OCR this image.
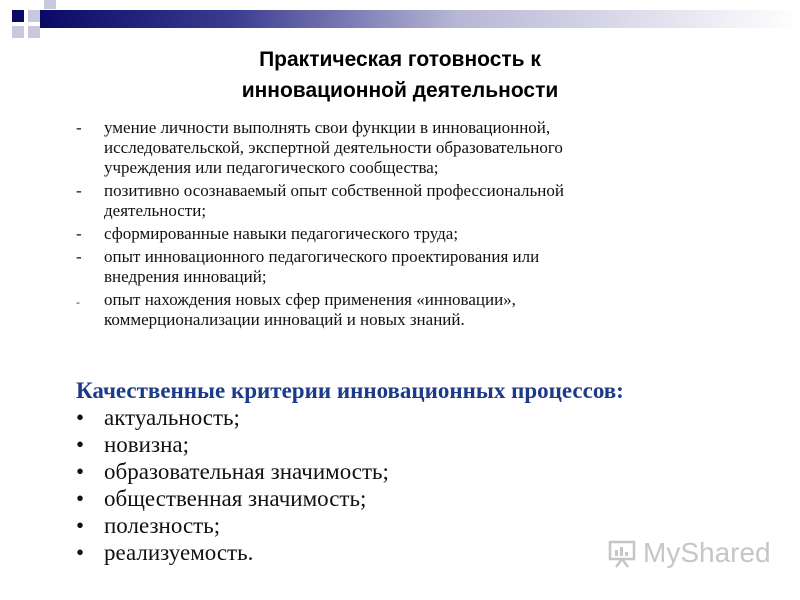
Практическая готовность к
инновационной деятельности
- умение личности выполнять свои функции в инновационной,
исследовательской, экспертной деятельности образовательного
учреждения или педагогического сообщества;
- позитивно осознаваемый опыт собственной профессиональной
деятельности;
- сформированные навыки педагогического труда;
- опыт инновационного педагогического проектирования или
внедрения инноваций;
- опыт нахождения новых сфер применения «инновации»,
коммерционализации инноваций и новых знаний.
Качественные критерии инновационных процессов:
• актуальность;
• новизна;
• образовательная значимость;
• общественная значимость;
• полезность;
• реализуемость.	MyShared
